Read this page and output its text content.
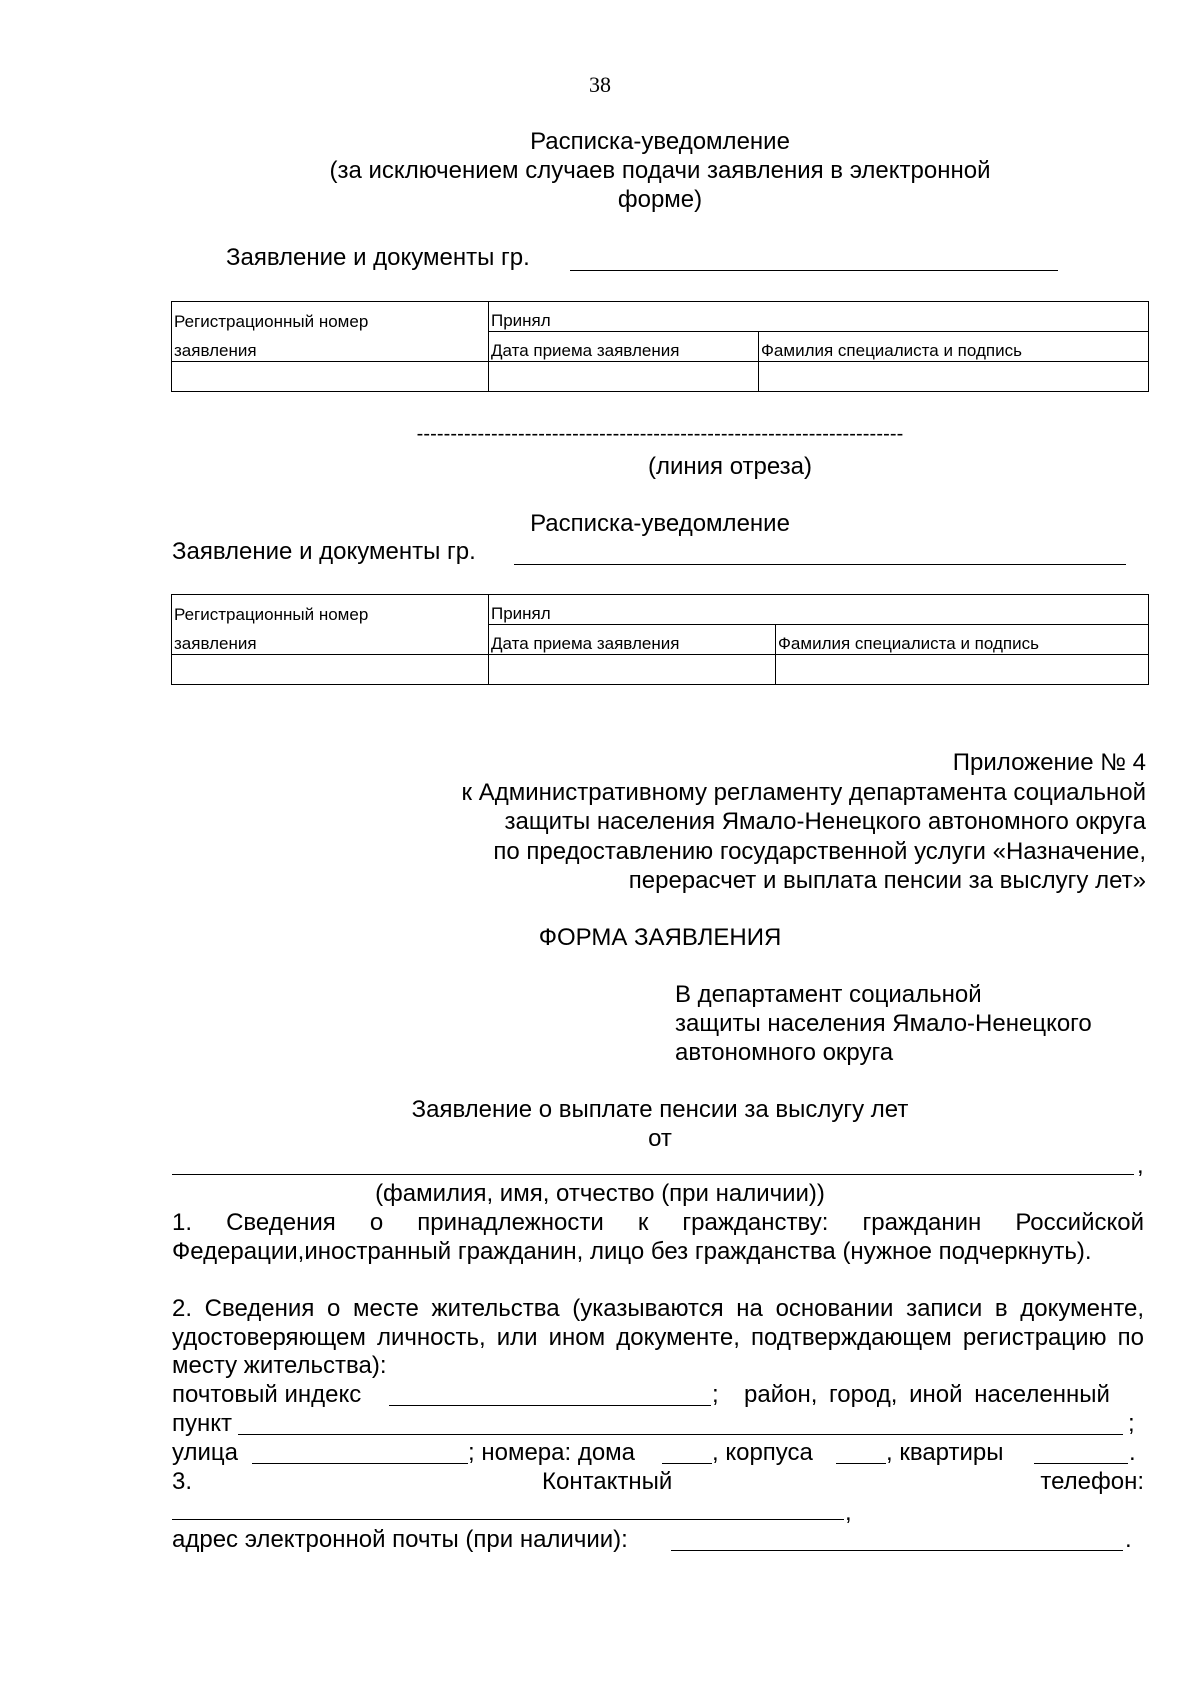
38
Расписка-уведомление
(за исключением случаев подачи заявления в электронной
форме)
Заявление и документы гр.
Регистрационный номер	Принял	
заявления	Дата приема заявления	Фамилия специалиста и подпись

------------------------------------------------------------------------
(линия отреза)
Расписка-уведомление
Заявление и документы гр.
Регистрационный номер	Принял	
заявления	Дата приема заявления	Фамилия специалиста и подпись

Приложение № 4
к Административному регламенту департамента социальной
защиты населения Ямало-Ненецкого автономного округа
по предоставлению государственной услуги «Назначение,
перерасчет и выплата пенсии за выслугу лет»
ФОРМА ЗАЯВЛЕНИЯ
В департамент социальной
защиты населения Ямало-Ненецкого
автономного округа
Заявление о выплате пенсии за выслугу лет
от
,
(фамилия, имя, отчество (при наличии))
1. Сведения о принадлежности к гражданству: гражданин Российской Федерации,иностранный гражданин, лицо без гражданства (нужное подчеркнуть).
2. Сведения о месте жительства (указываются на основании записи в документе, удостоверяющем личность, или ином документе, подтверждающем регистрацию по месту жительства):
почтовый индекс	; район, город, иной населенный
пункт	;
улица	; номера: дома	, корпуса	, квартиры	.
3.	Контактный	телефон:
,
адрес электронной почты (при наличии):	.
